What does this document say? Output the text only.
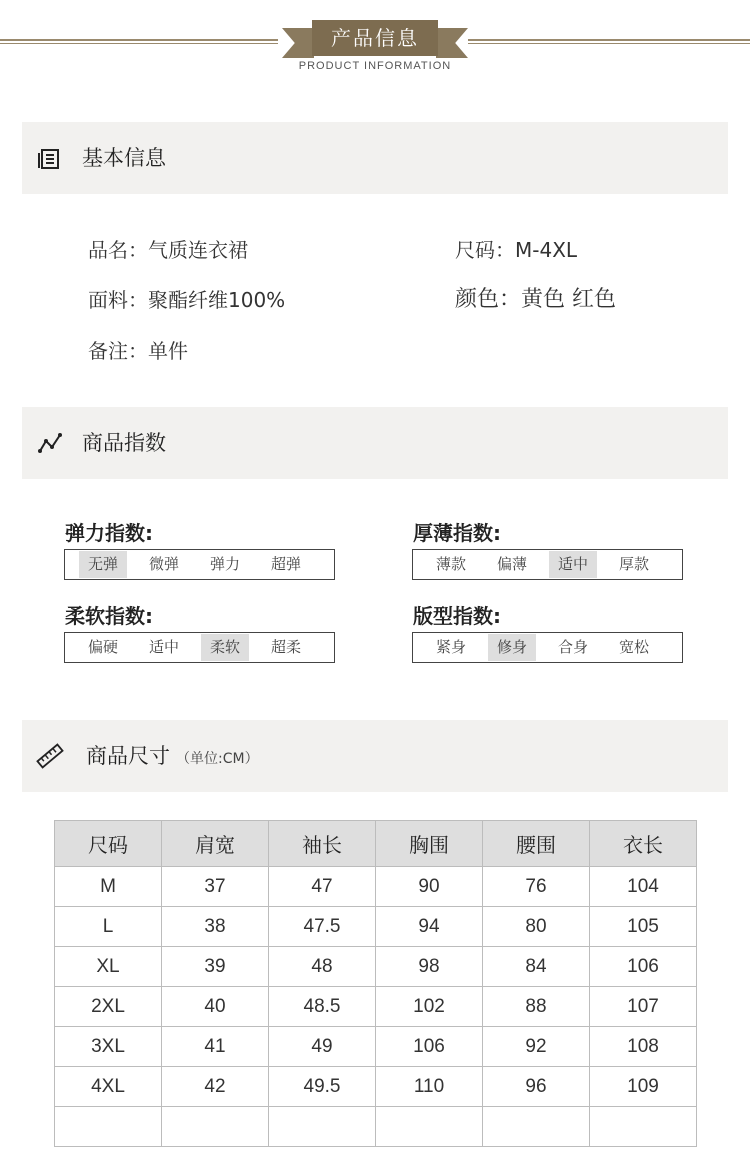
产品信息
PRODUCT INFORMATION
基本信息
品名：气质连衣裙	尺码：M-4XL
面料：聚酯纤维100%	颜色：黄色 红色
备注：单件
商品指数
弹力指数:
无弹	微弹	弹力	超弹
厚薄指数:
薄款	偏薄	适中	厚款
柔软指数:
偏硬	适中	柔软	超柔
版型指数:
紧身	修身	合身	宽松
商品尺寸 （单位:CM）
尺码	肩宽	袖长	胸围	腰围	衣长
M	37	47	90	76	104
L	38	47.5	94	80	105
XL	39	48	98	84	106
2XL	40	48.5	102	88	107
3XL	41	49	106	92	108
4XL	42	49.5	110	96	109
